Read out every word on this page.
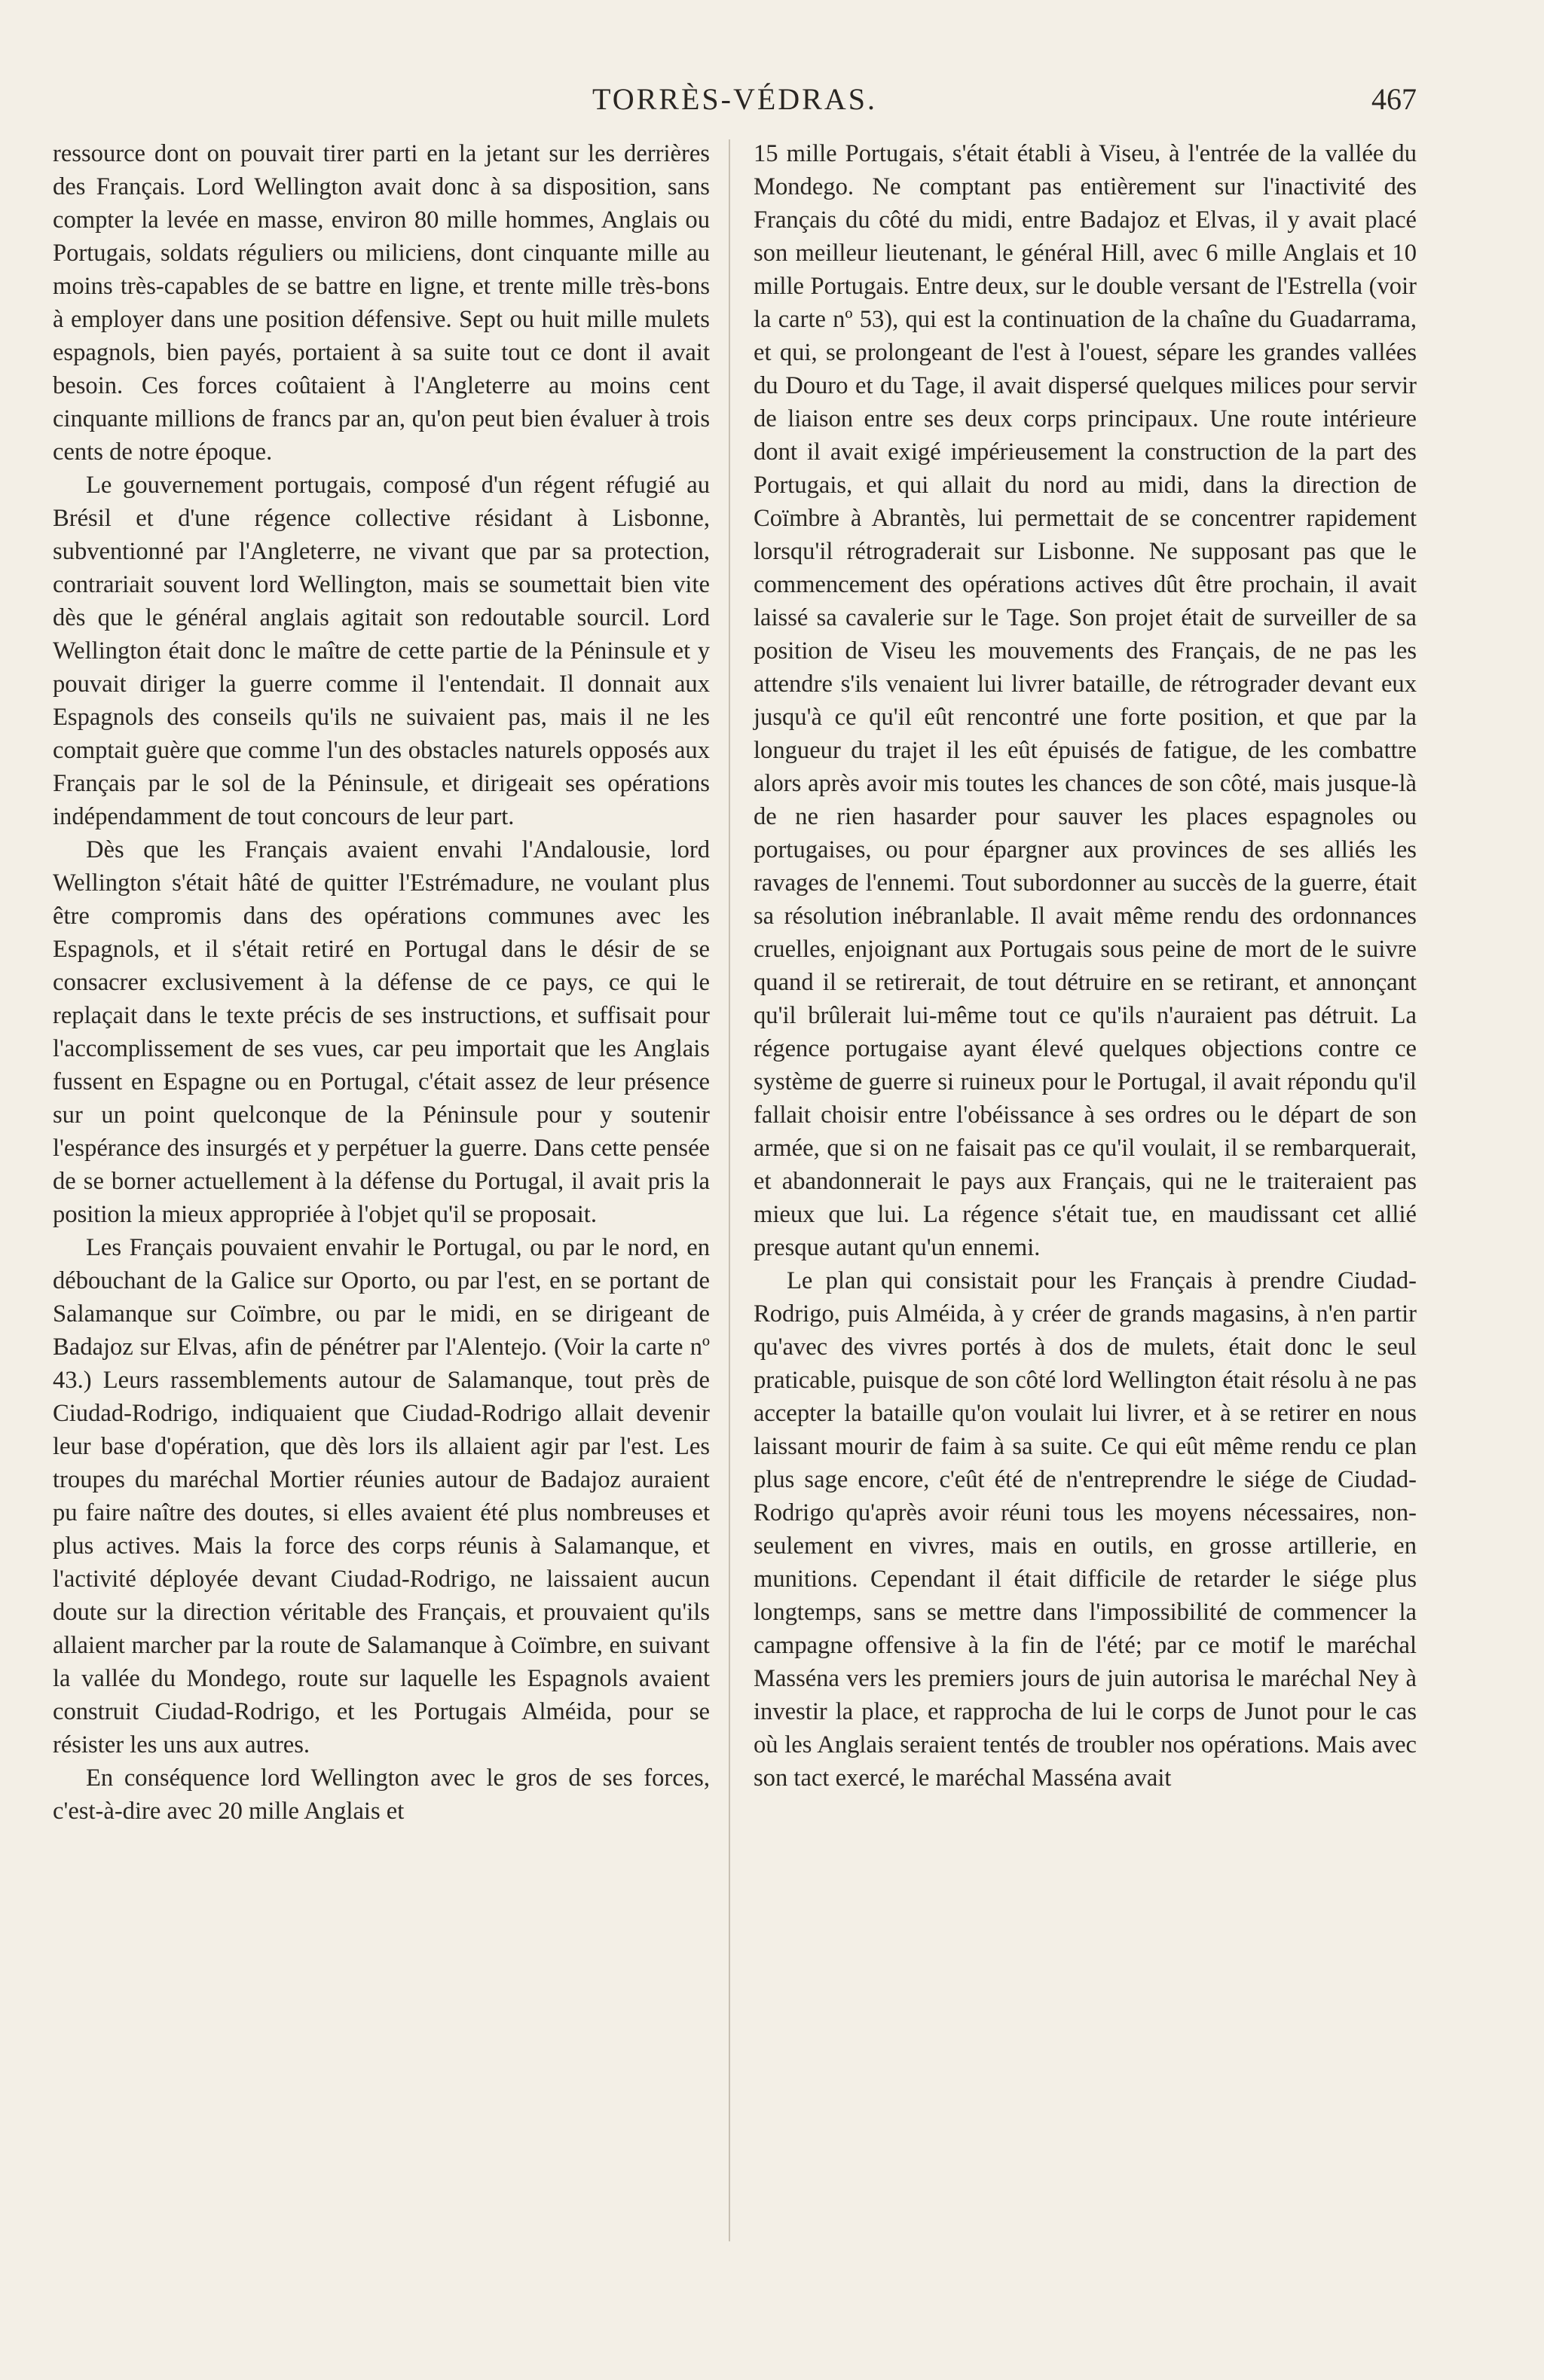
TORRÈS-VÉDRAS.	467

ressource dont on pouvait tirer parti en la jetant sur les derrières des Français. Lord Wellington avait donc à sa disposition, sans compter la levée en masse, environ 80 mille hommes, Anglais ou Portugais, soldats réguliers ou miliciens, dont cinquante mille au moins très-capables de se battre en ligne, et trente mille très-bons à employer dans une position défensive. Sept ou huit mille mulets espagnols, bien payés, portaient à sa suite tout ce dont il avait besoin. Ces forces coûtaient à l'Angleterre au moins cent cinquante millions de francs par an, qu'on peut bien évaluer à trois cents de notre époque.

Le gouvernement portugais, composé d'un régent réfugié au Brésil et d'une régence collective résidant à Lisbonne, subventionné par l'Angleterre, ne vivant que par sa protection, contrariait souvent lord Wellington, mais se soumettait bien vite dès que le général anglais agitait son redoutable sourcil. Lord Wellington était donc le maître de cette partie de la Péninsule et y pouvait diriger la guerre comme il l'entendait. Il donnait aux Espagnols des conseils qu'ils ne suivaient pas, mais il ne les comptait guère que comme l'un des obstacles naturels opposés aux Français par le sol de la Péninsule, et dirigeait ses opérations indépendamment de tout concours de leur part.

Dès que les Français avaient envahi l'Andalousie, lord Wellington s'était hâté de quitter l'Estrémadure, ne voulant plus être compromis dans des opérations communes avec les Espagnols, et il s'était retiré en Portugal dans le désir de se consacrer exclusivement à la défense de ce pays, ce qui le replaçait dans le texte précis de ses instructions, et suffisait pour l'accomplissement de ses vues, car peu importait que les Anglais fussent en Espagne ou en Portugal, c'était assez de leur présence sur un point quelconque de la Péninsule pour y soutenir l'espérance des insurgés et y perpétuer la guerre. Dans cette pensée de se borner actuellement à la défense du Portugal, il avait pris la position la mieux appropriée à l'objet qu'il se proposait.

Les Français pouvaient envahir le Portugal, ou par le nord, en débouchant de la Galice sur Oporto, ou par l'est, en se portant de Salamanque sur Coïmbre, ou par le midi, en se dirigeant de Badajoz sur Elvas, afin de pénétrer par l'Alentejo. (Voir la carte nº 43.) Leurs rassemblements autour de Salamanque, tout près de Ciudad-Rodrigo, indiquaient que Ciudad-Rodrigo allait devenir leur base d'opération, que dès lors ils allaient agir par l'est. Les troupes du maréchal Mortier réunies autour de Badajoz auraient pu faire naître des doutes, si elles avaient été plus nombreuses et plus actives. Mais la force des corps réunis à Salamanque, et l'activité déployée devant Ciudad-Rodrigo, ne laissaient aucun doute sur la direction véritable des Français, et prouvaient qu'ils allaient marcher par la route de Salamanque à Coïmbre, en suivant la vallée du Mondego, route sur laquelle les Espagnols avaient construit Ciudad-Rodrigo, et les Portugais Alméida, pour se résister les uns aux autres.

En conséquence lord Wellington avec le gros de ses forces, c'est-à-dire avec 20 mille Anglais et

15 mille Portugais, s'était établi à Viseu, à l'entrée de la vallée du Mondego. Ne comptant pas entièrement sur l'inactivité des Français du côté du midi, entre Badajoz et Elvas, il y avait placé son meilleur lieutenant, le général Hill, avec 6 mille Anglais et 10 mille Portugais. Entre deux, sur le double versant de l'Estrella (voir la carte nº 53), qui est la continuation de la chaîne du Guadarrama, et qui, se prolongeant de l'est à l'ouest, sépare les grandes vallées du Douro et du Tage, il avait dispersé quelques milices pour servir de liaison entre ses deux corps principaux. Une route intérieure dont il avait exigé impérieusement la construction de la part des Portugais, et qui allait du nord au midi, dans la direction de Coïmbre à Abrantès, lui permettait de se concentrer rapidement lorsqu'il rétrograderait sur Lisbonne. Ne supposant pas que le commencement des opérations actives dût être prochain, il avait laissé sa cavalerie sur le Tage. Son projet était de surveiller de sa position de Viseu les mouvements des Français, de ne pas les attendre s'ils venaient lui livrer bataille, de rétrograder devant eux jusqu'à ce qu'il eût rencontré une forte position, et que par la longueur du trajet il les eût épuisés de fatigue, de les combattre alors après avoir mis toutes les chances de son côté, mais jusque-là de ne rien hasarder pour sauver les places espagnoles ou portugaises, ou pour épargner aux provinces de ses alliés les ravages de l'ennemi. Tout subordonner au succès de la guerre, était sa résolution inébranlable. Il avait même rendu des ordonnances cruelles, enjoignant aux Portugais sous peine de mort de le suivre quand il se retirerait, de tout détruire en se retirant, et annonçant qu'il brûlerait lui-même tout ce qu'ils n'auraient pas détruit. La régence portugaise ayant élevé quelques objections contre ce système de guerre si ruineux pour le Portugal, il avait répondu qu'il fallait choisir entre l'obéissance à ses ordres ou le départ de son armée, que si on ne faisait pas ce qu'il voulait, il se rembarquerait, et abandonnerait le pays aux Français, qui ne le traiteraient pas mieux que lui. La régence s'était tue, en maudissant cet allié presque autant qu'un ennemi.

Le plan qui consistait pour les Français à prendre Ciudad-Rodrigo, puis Alméida, à y créer de grands magasins, à n'en partir qu'avec des vivres portés à dos de mulets, était donc le seul praticable, puisque de son côté lord Wellington était résolu à ne pas accepter la bataille qu'on voulait lui livrer, et à se retirer en nous laissant mourir de faim à sa suite. Ce qui eût même rendu ce plan plus sage encore, c'eût été de n'entreprendre le siége de Ciudad-Rodrigo qu'après avoir réuni tous les moyens nécessaires, non-seulement en vivres, mais en outils, en grosse artillerie, en munitions. Cependant il était difficile de retarder le siége plus longtemps, sans se mettre dans l'impossibilité de commencer la campagne offensive à la fin de l'été; par ce motif le maréchal Masséna vers les premiers jours de juin autorisa le maréchal Ney à investir la place, et rapprocha de lui le corps de Junot pour le cas où les Anglais seraient tentés de troubler nos opérations. Mais avec son tact exercé, le maréchal Masséna avait
